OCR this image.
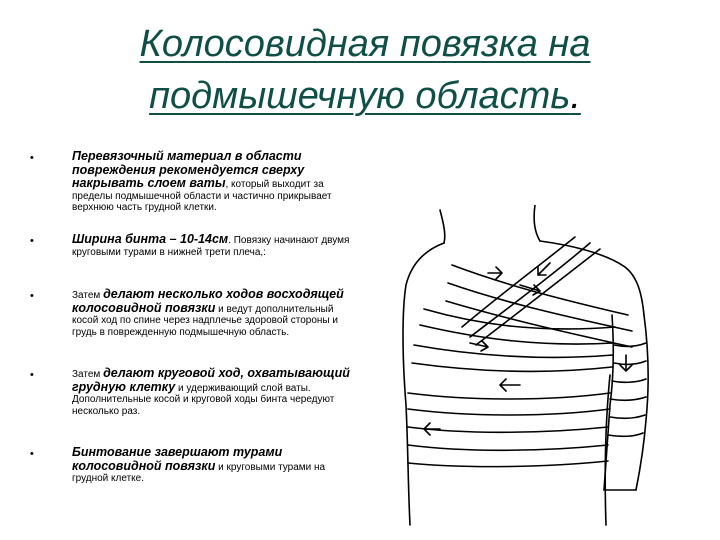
Колосовидная повязка на подмышечную область.
•	Перевязочный материал в области повреждения рекомендуется сверху накрывать слоем ваты, который выходит за пределы подмышечной области и частично прикрывает верхнюю часть грудной клетки.
•	Ширина бинта – 10-14см. Повязку начинают двумя круговыми турами в нижней трети плеча,:
•	Затем делают несколько ходов восходящей колосовидной повязки и ведут дополнительный косой ход по спине через надплечье здоровой стороны и грудь в поврежденную подмышечную область.
•	Затем делают круговой ход, охватывающий грудную клетку и удерживающий слой ваты. Дополнительные косой и круговой ходы бинта чередуют несколько раз.
•	Бинтование завершают турами колосовидной повязки и круговыми турами на грудной клетке.
